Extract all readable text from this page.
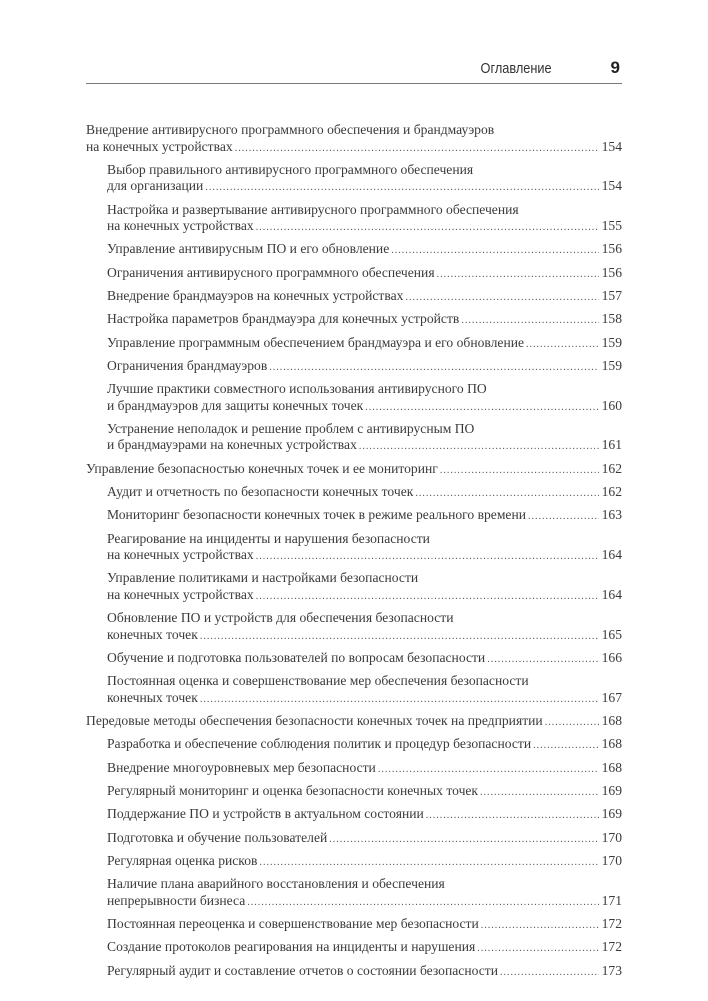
Оглавление	9
Внедрение антивирусного программного обеспечения и брандмауэров
на конечных устройствах .....	154
Выбор правильного антивирусного программного обеспечения
для организации .....	154
Настройка и развертывание антивирусного программного обеспечения
на конечных устройствах .....	155
Управление антивирусным ПО и его обновление .....	156
Ограничения антивирусного программного обеспечения .....	156
Внедрение брандмауэров на конечных устройствах .....	157
Настройка параметров брандмауэра для конечных устройств .....	158
Управление программным обеспечением брандмауэра и его обновление .....	159
Ограничения брандмауэров .....	159
Лучшие практики совместного использования антивирусного ПО
и брандмауэров для защиты конечных точек .....	160
Устранение неполадок и решение проблем с антивирусным ПО
и брандмауэрами на конечных устройствах .....	161
Управление безопасностью конечных точек и ее мониторинг .....	162
Аудит и отчетность по безопасности конечных точек .....	162
Мониторинг безопасности конечных точек в режиме реального времени .....	163
Реагирование на инциденты и нарушения безопасности
на конечных устройствах .....	164
Управление политиками и настройками безопасности
на конечных устройствах .....	164
Обновление ПО и устройств для обеспечения безопасности
конечных точек .....	165
Обучение и подготовка пользователей по вопросам безопасности .....	166
Постоянная оценка и совершенствование мер обеспечения безопасности
конечных точек .....	167
Передовые методы обеспечения безопасности конечных точек на предприятии .....	168
Разработка и обеспечение соблюдения политик и процедур безопасности .....	168
Внедрение многоуровневых мер безопасности .....	168
Регулярный мониторинг и оценка безопасности конечных точек .....	169
Поддержание ПО и устройств в актуальном состоянии .....	169
Подготовка и обучение пользователей .....	170
Регулярная оценка рисков .....	170
Наличие плана аварийного восстановления и обеспечения
непрерывности бизнеса .....	171
Постоянная переоценка и совершенствование мер безопасности .....	172
Создание протоколов реагирования на инциденты и нарушения .....	172
Регулярный аудит и составление отчетов о состоянии безопасности .....	173
